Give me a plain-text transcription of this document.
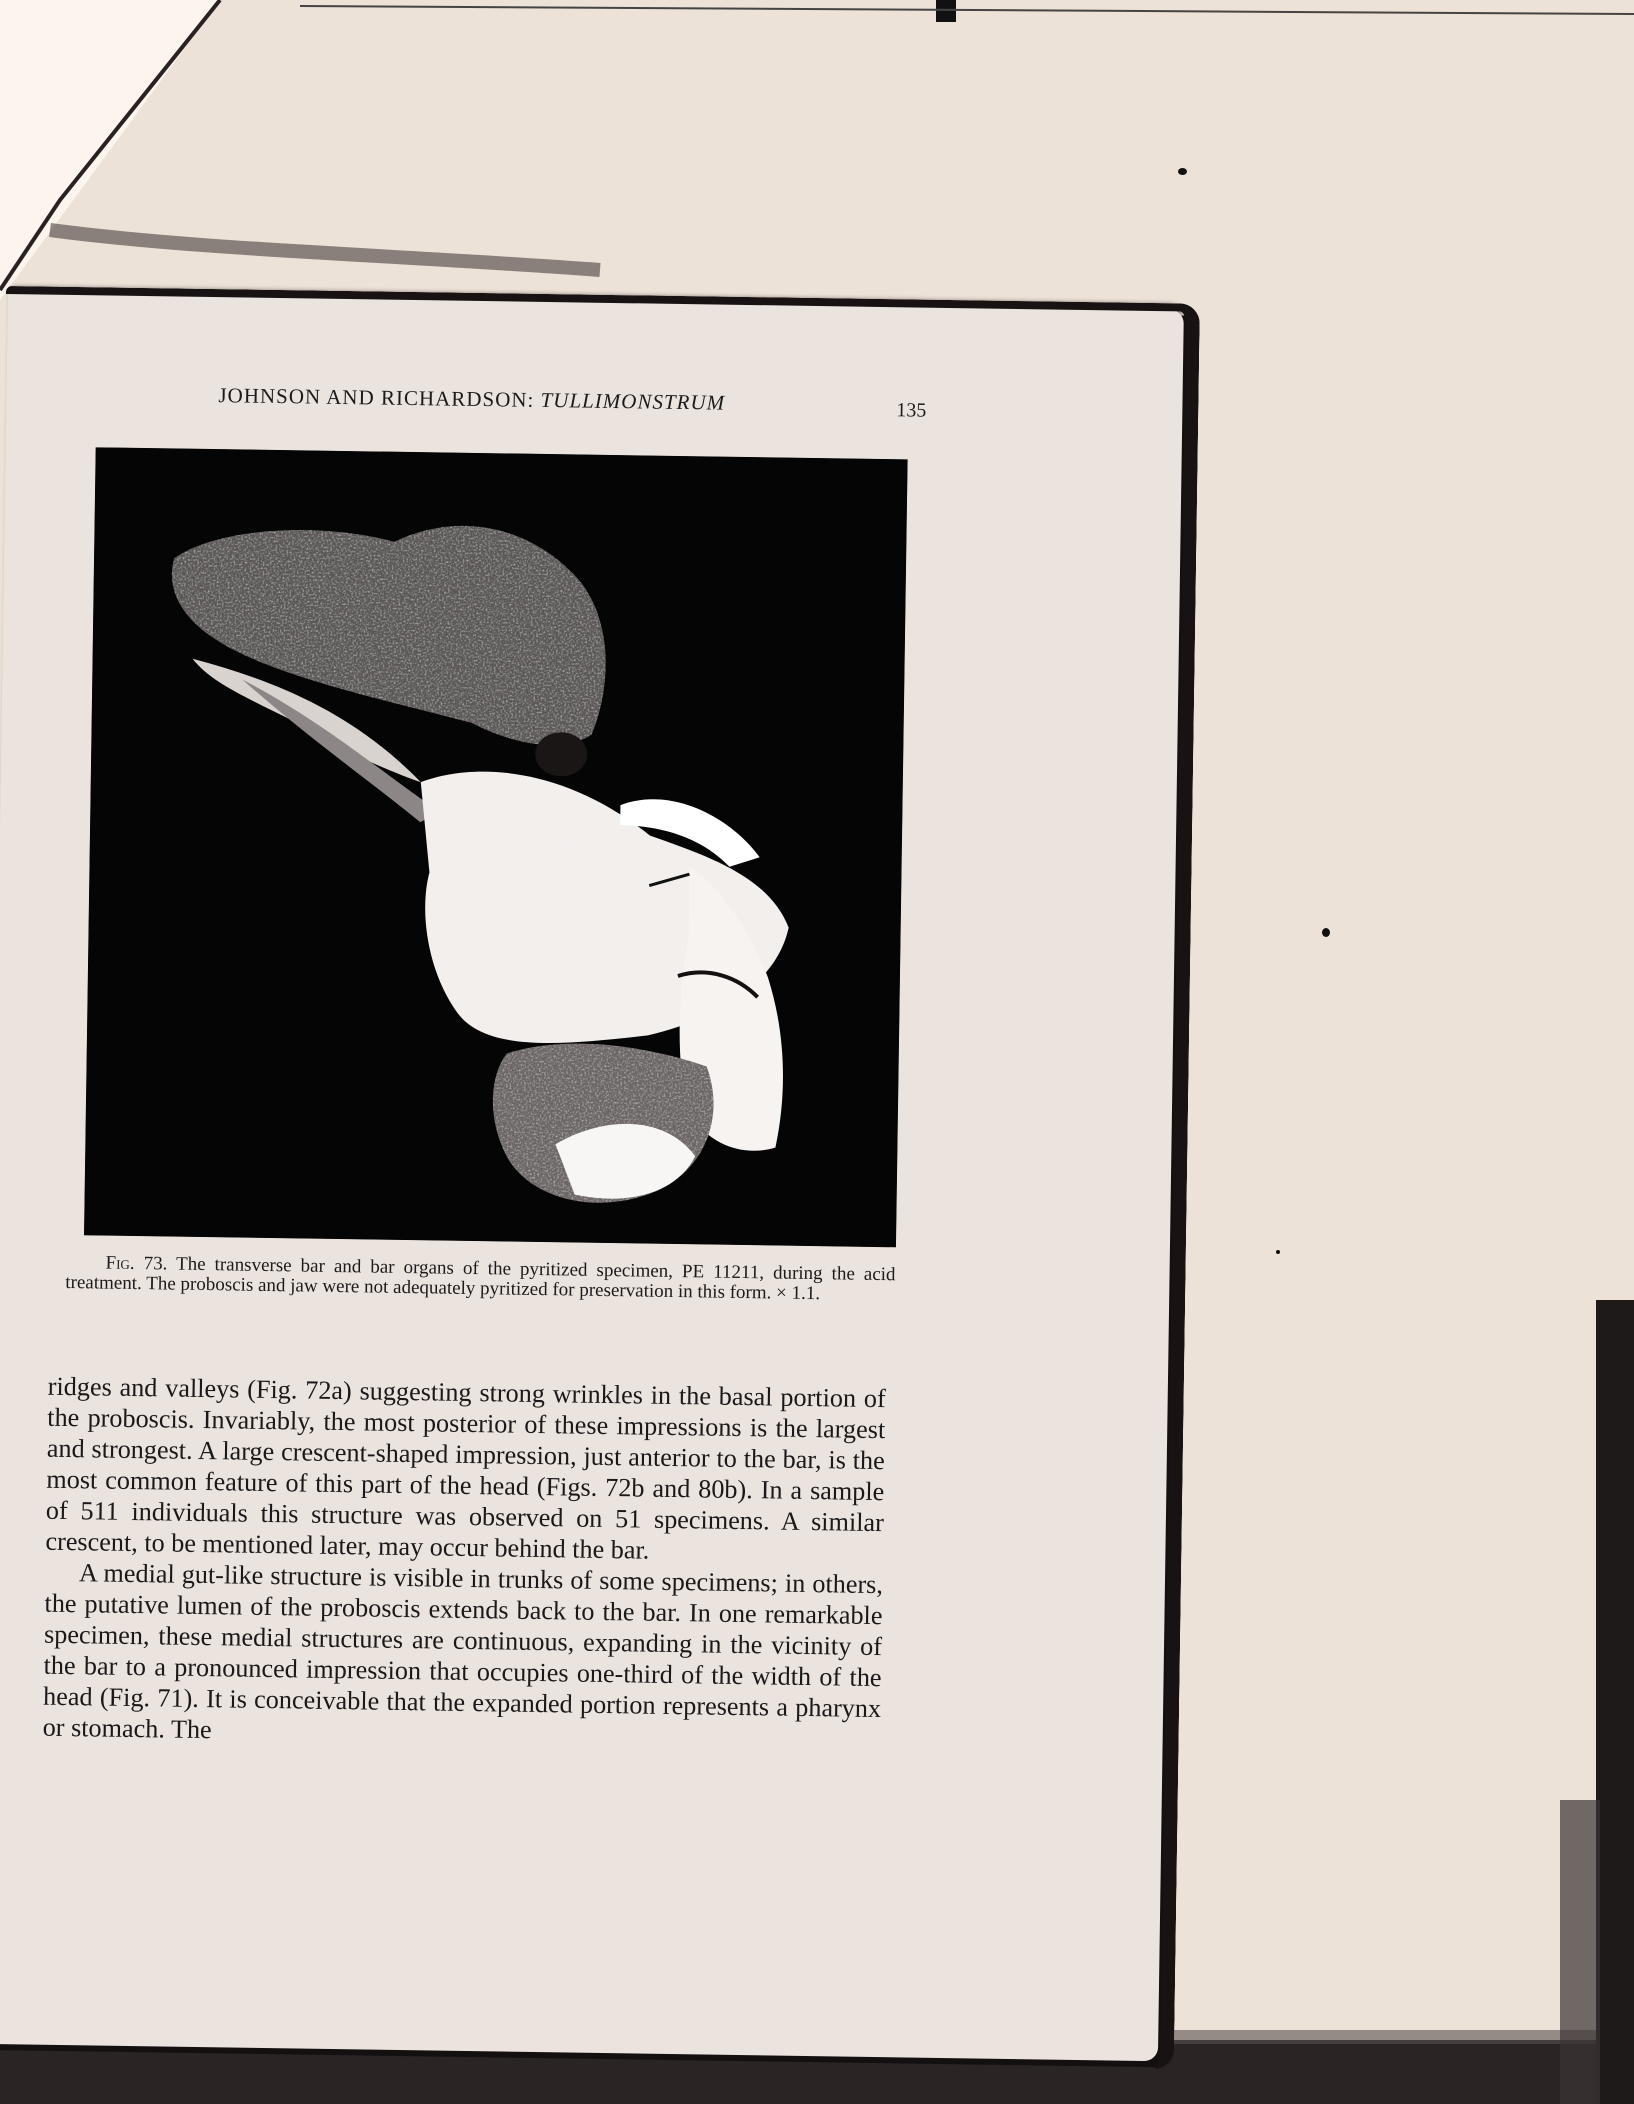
JOHNSON AND RICHARDSON: TULLIMONSTRUM	135
Fig. 73. The transverse bar and bar organs of the pyritized specimen, PE 11211, during the acid treatment. The proboscis and jaw were not adequately pyritized for preservation in this form. × 1.1.

ridges and valleys (Fig. 72a) suggesting strong wrinkles in the basal portion of the proboscis. Invariably, the most posterior of these impressions is the largest and strongest. A large crescent-shaped impression, just anterior to the bar, is the most common feature of this part of the head (Figs. 72b and 80b). In a sample of 511 individuals this structure was observed on 51 specimens. A similar crescent, to be mentioned later, may occur behind the bar.

A medial gut-like structure is visible in trunks of some specimens; in others, the putative lumen of the proboscis extends back to the bar. In one remarkable specimen, these medial structures are continuous, expanding in the vicinity of the bar to a pronounced impression that occupies one-third of the width of the head (Fig. 71). It is conceivable that the expanded portion represents a pharynx or stomach. The
